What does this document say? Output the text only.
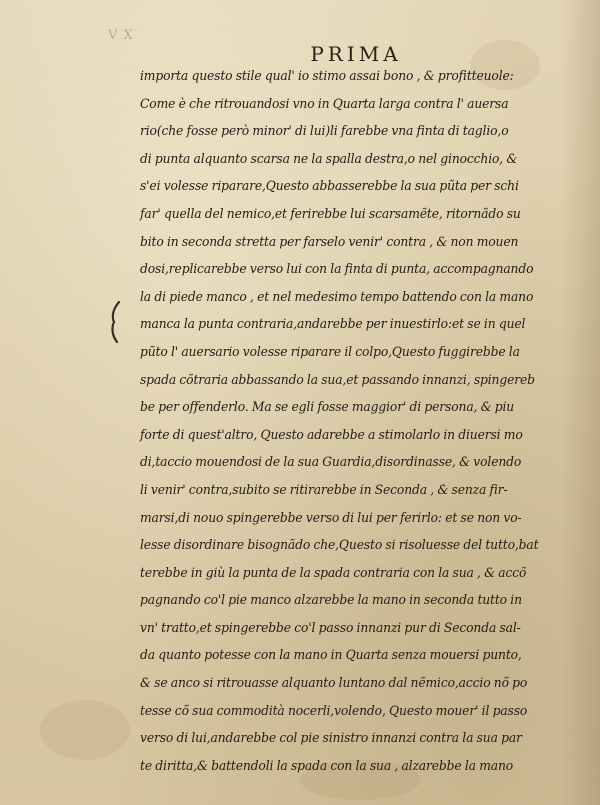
V X
PRIMA
importa questo stile qual' io stimo assai bono , & profitteuole:
Come è che ritrouandosi vno in Quarta larga contra l' auersa
rio(che fosse però minor' di lui)li farebbe vna finta di taglio,o
di punta alquanto scarsa ne la spalla destra,o nel ginocchio, &
s'ei volesse riparare,Questo abbasserebbe la sua pũta per schi
far' quella del nemico,et ferirebbe lui scarsamẽte, ritornãdo su
bito in seconda stretta per farselo venir' contra , & non mouen
dosi,replicarebbe verso lui con la finta di punta, accompagnando
la di piede manco , et nel medesimo tempo battendo con la mano
manca la punta contraria,andarebbe per inuestirlo:et se in quel
pũto l' auersario volesse riparare il colpo,Questo fuggirebbe la
spada cõtraria abbassando la sua,et passando innanzi, spingereb
be per offenderlo. Ma se egli fosse maggior' di persona, & piu
forte di quest'altro, Questo adarebbe a stimolarlo in diuersi mo
di,taccio mouendosi de la sua Guardia,disordinasse, & volendo
li venir' contra,subito se ritirarebbe in Seconda , & senza fir-
marsi,di nouo spingerebbe verso di lui per ferirlo: et se non vo-
lesse disordinare bisognãdo che,Questo si risoluesse del tutto,bat
terebbe in giù la punta de la spada contraria con la sua , & accõ
pagnando co'l pie manco alzarebbe la mano in seconda tutto in
vn' tratto,et spingerebbe co'l passo innanzi pur di Seconda sal-
da quanto potesse con la mano in Quarta senza mouersi punto,
& se anco si ritrouasse alquanto luntano dal nẽmico,accio nõ po
tesse cõ sua commodità nocerli,volendo, Questo mouer' il passo
verso di lui,andarebbe col pie sinistro innanzi contra la sua par
te diritta,& battendoli la spada con la sua , alzarebbe la mano
